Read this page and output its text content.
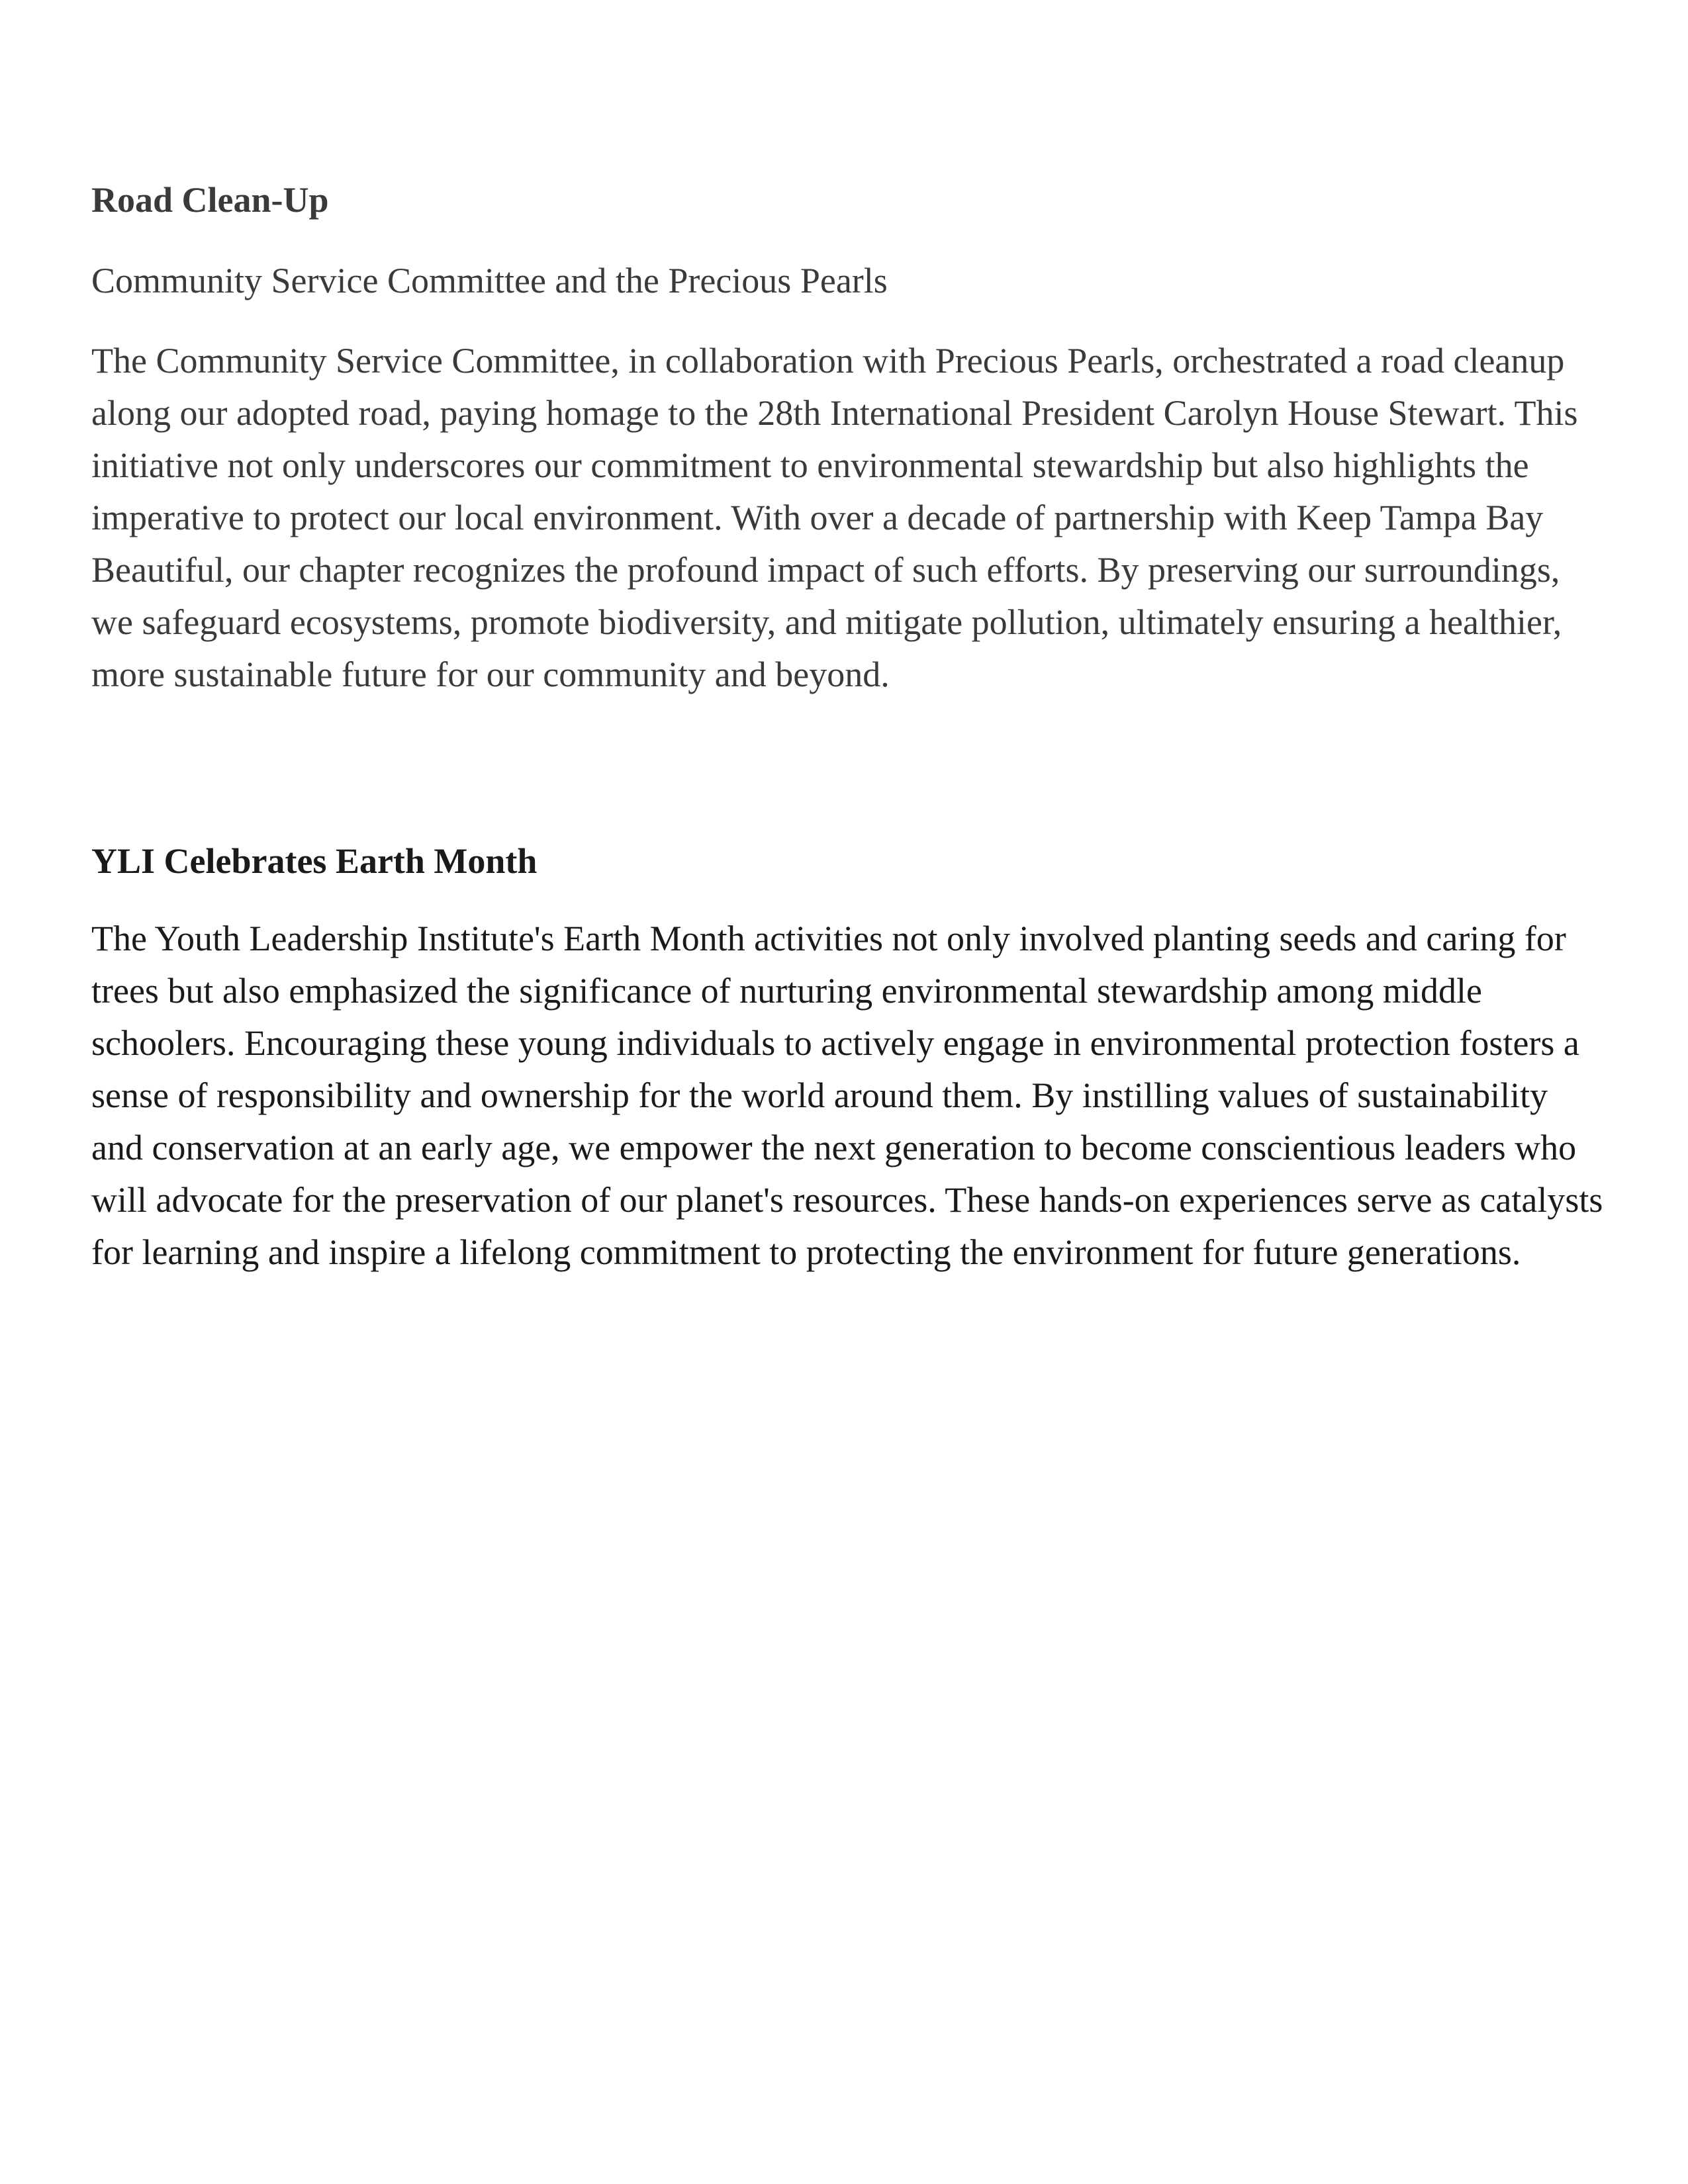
Road Clean-Up

Community Service Committee and the Precious Pearls

The Community Service Committee, in collaboration with Precious Pearls, orchestrated a road cleanup along our adopted road, paying homage to the 28th International President Carolyn House Stewart. This initiative not only underscores our commitment to environmental stewardship but also highlights the imperative to protect our local environment. With over a decade of partnership with Keep Tampa Bay Beautiful, our chapter recognizes the profound impact of such efforts. By preserving our surroundings, we safeguard ecosystems, promote biodiversity, and mitigate pollution, ultimately ensuring a healthier, more sustainable future for our community and beyond.

YLI Celebrates Earth Month

The Youth Leadership Institute's Earth Month activities not only involved planting seeds and caring for trees but also emphasized the significance of nurturing environmental stewardship among middle schoolers. Encouraging these young individuals to actively engage in environmental protection fosters a sense of responsibility and ownership for the world around them. By instilling values of sustainability and conservation at an early age, we empower the next generation to become conscientious leaders who will advocate for the preservation of our planet's resources. These hands-on experiences serve as catalysts for learning and inspire a lifelong commitment to protecting the environment for future generations.
